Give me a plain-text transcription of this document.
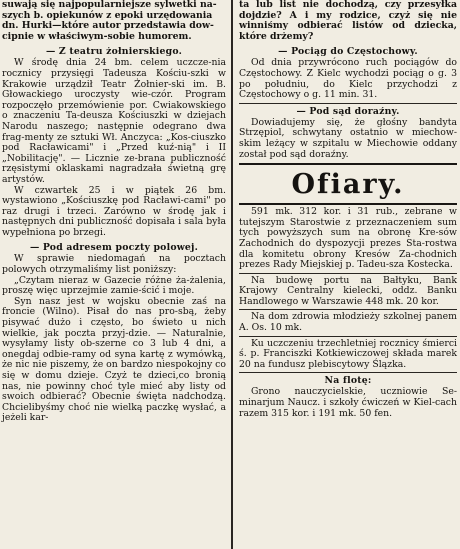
suwają się najpopularniejsze sylwetki na-

szych b. opiekunów z epoki urzędowania

dn. Hurki—które autor przedstawia dow-

cipnie w właściwym-sobie humorem.

— Z teatru żołnierskiego.

W środę dnia 24 bm. celem uczcze-nia rocznicy przysięgi Tadeusza Kościu-szki w Krakowie urządził Teatr Żołnier-ski im. B. Głowackiego uroczysty wie-czór. Program rozpoczęło przemówienie por. Cwiakowskiego o znaczeniu Ta-deusza Kościuszki w dziejach Narodu naszego; następnie odegrano dwa frag-menty ze sztuki Wł. Anczyca: „Kos-ciuszko pod Racławicami" i „Przed kuź-nią" i II „Nobilitację". — Licznie ze-brana publiczność rzęsistymi oklaskami nagradzała świetną grę artystów.

W czwartek 25 i w piątek 26 bm. wystawiono „Kościuszkę pod Racławi-cami" po raz drugi i trzeci. Zarówno w środę jak i następnych dni publiczność dopisała i sala była wypełniona po brzegi.

— Pod adresem poczty polowej.

W sprawie niedomagań na pocztach polowych otrzymaliśmy list poniższy:

„Czytam nieraz w Gazecie różne ża-żalenia, proszę więc uprzejmie zamie-ścić i moje.

Syn nasz jest w wojsku obecnie zaś na froncie (Wilno). Pisał do nas pro-sbą, żeby pisywać dużo i często, bo świeto u nich wielkie, jak poczta przyj-dzie. — Naturalnie, wysyłamy listy ob-szerne co 3 lub 4 dni, a onegdaj odbie-ramy od syna kartę z wymówką, że nic nie piszemy, że on bardzo niespokojny co się w domu dzieje. Czyż te dzieci,co bronią nas, nie powinny choć tyle mieć aby listy od swoich odbierać? Obecnie święta nadchodzą. Chcielibyśmy choć nie wielką paczkę wysłać, a jeżeli kar-

ta lub list nie dochodzą, czy przesyłka dojdzie? A i my rodzice, czyż się nie winniśmy odbierać listów od dziecka, które drżemy?

— Pociąg do Częstochowy.

Od dnia przywrócono ruch pociągów do Częstochowy. Z Kielc wychodzi pociąg o g. 3 po południu, do Kielc przychodzi z Częstochowy o g. 11 min. 31.

— Pod sąd doraźny.

Dowiadujemy się, że głośny bandyta Strzępiol, schwytany ostatnio w miechow-skim leżący w szpitalu w Miechowie oddany został pod sąd doraźny.

Ofiary.

591 mk. 312 kor. i 31 rub., zebrane w tutejszym Starostwie z przeznaczeniem sum tych powyższych sum na obronę Kre-sów Zachodnich do dyspozycji prezes Sta-rostwa dla komitetu obrony Kresów Za-chodnich prezes Rady Miejskiej p. Tadeu-sza Kostecka.

Na budowę portu na Bałtyku, Bank Krajowy Centralny kielecki, oddz. Banku Handlowego w Warszawie 448 mk. 20 kor.

Na dom zdrowia młodzieży szkolnej panem A. Os. 10 mk.

Ku uczczeniu trzechletniej rocznicy śmierci ś. p. Franciszki Kotkiewiczowej składa marek 20 na fundusz plebiscytowy Ślązka.

Na flotę:

Grono nauczycielskie, uczniowie Se-minarjum Naucz. i szkoły ćwiczeń w Kiel-cach razem 315 kor. i 191 mk. 50 fen.
